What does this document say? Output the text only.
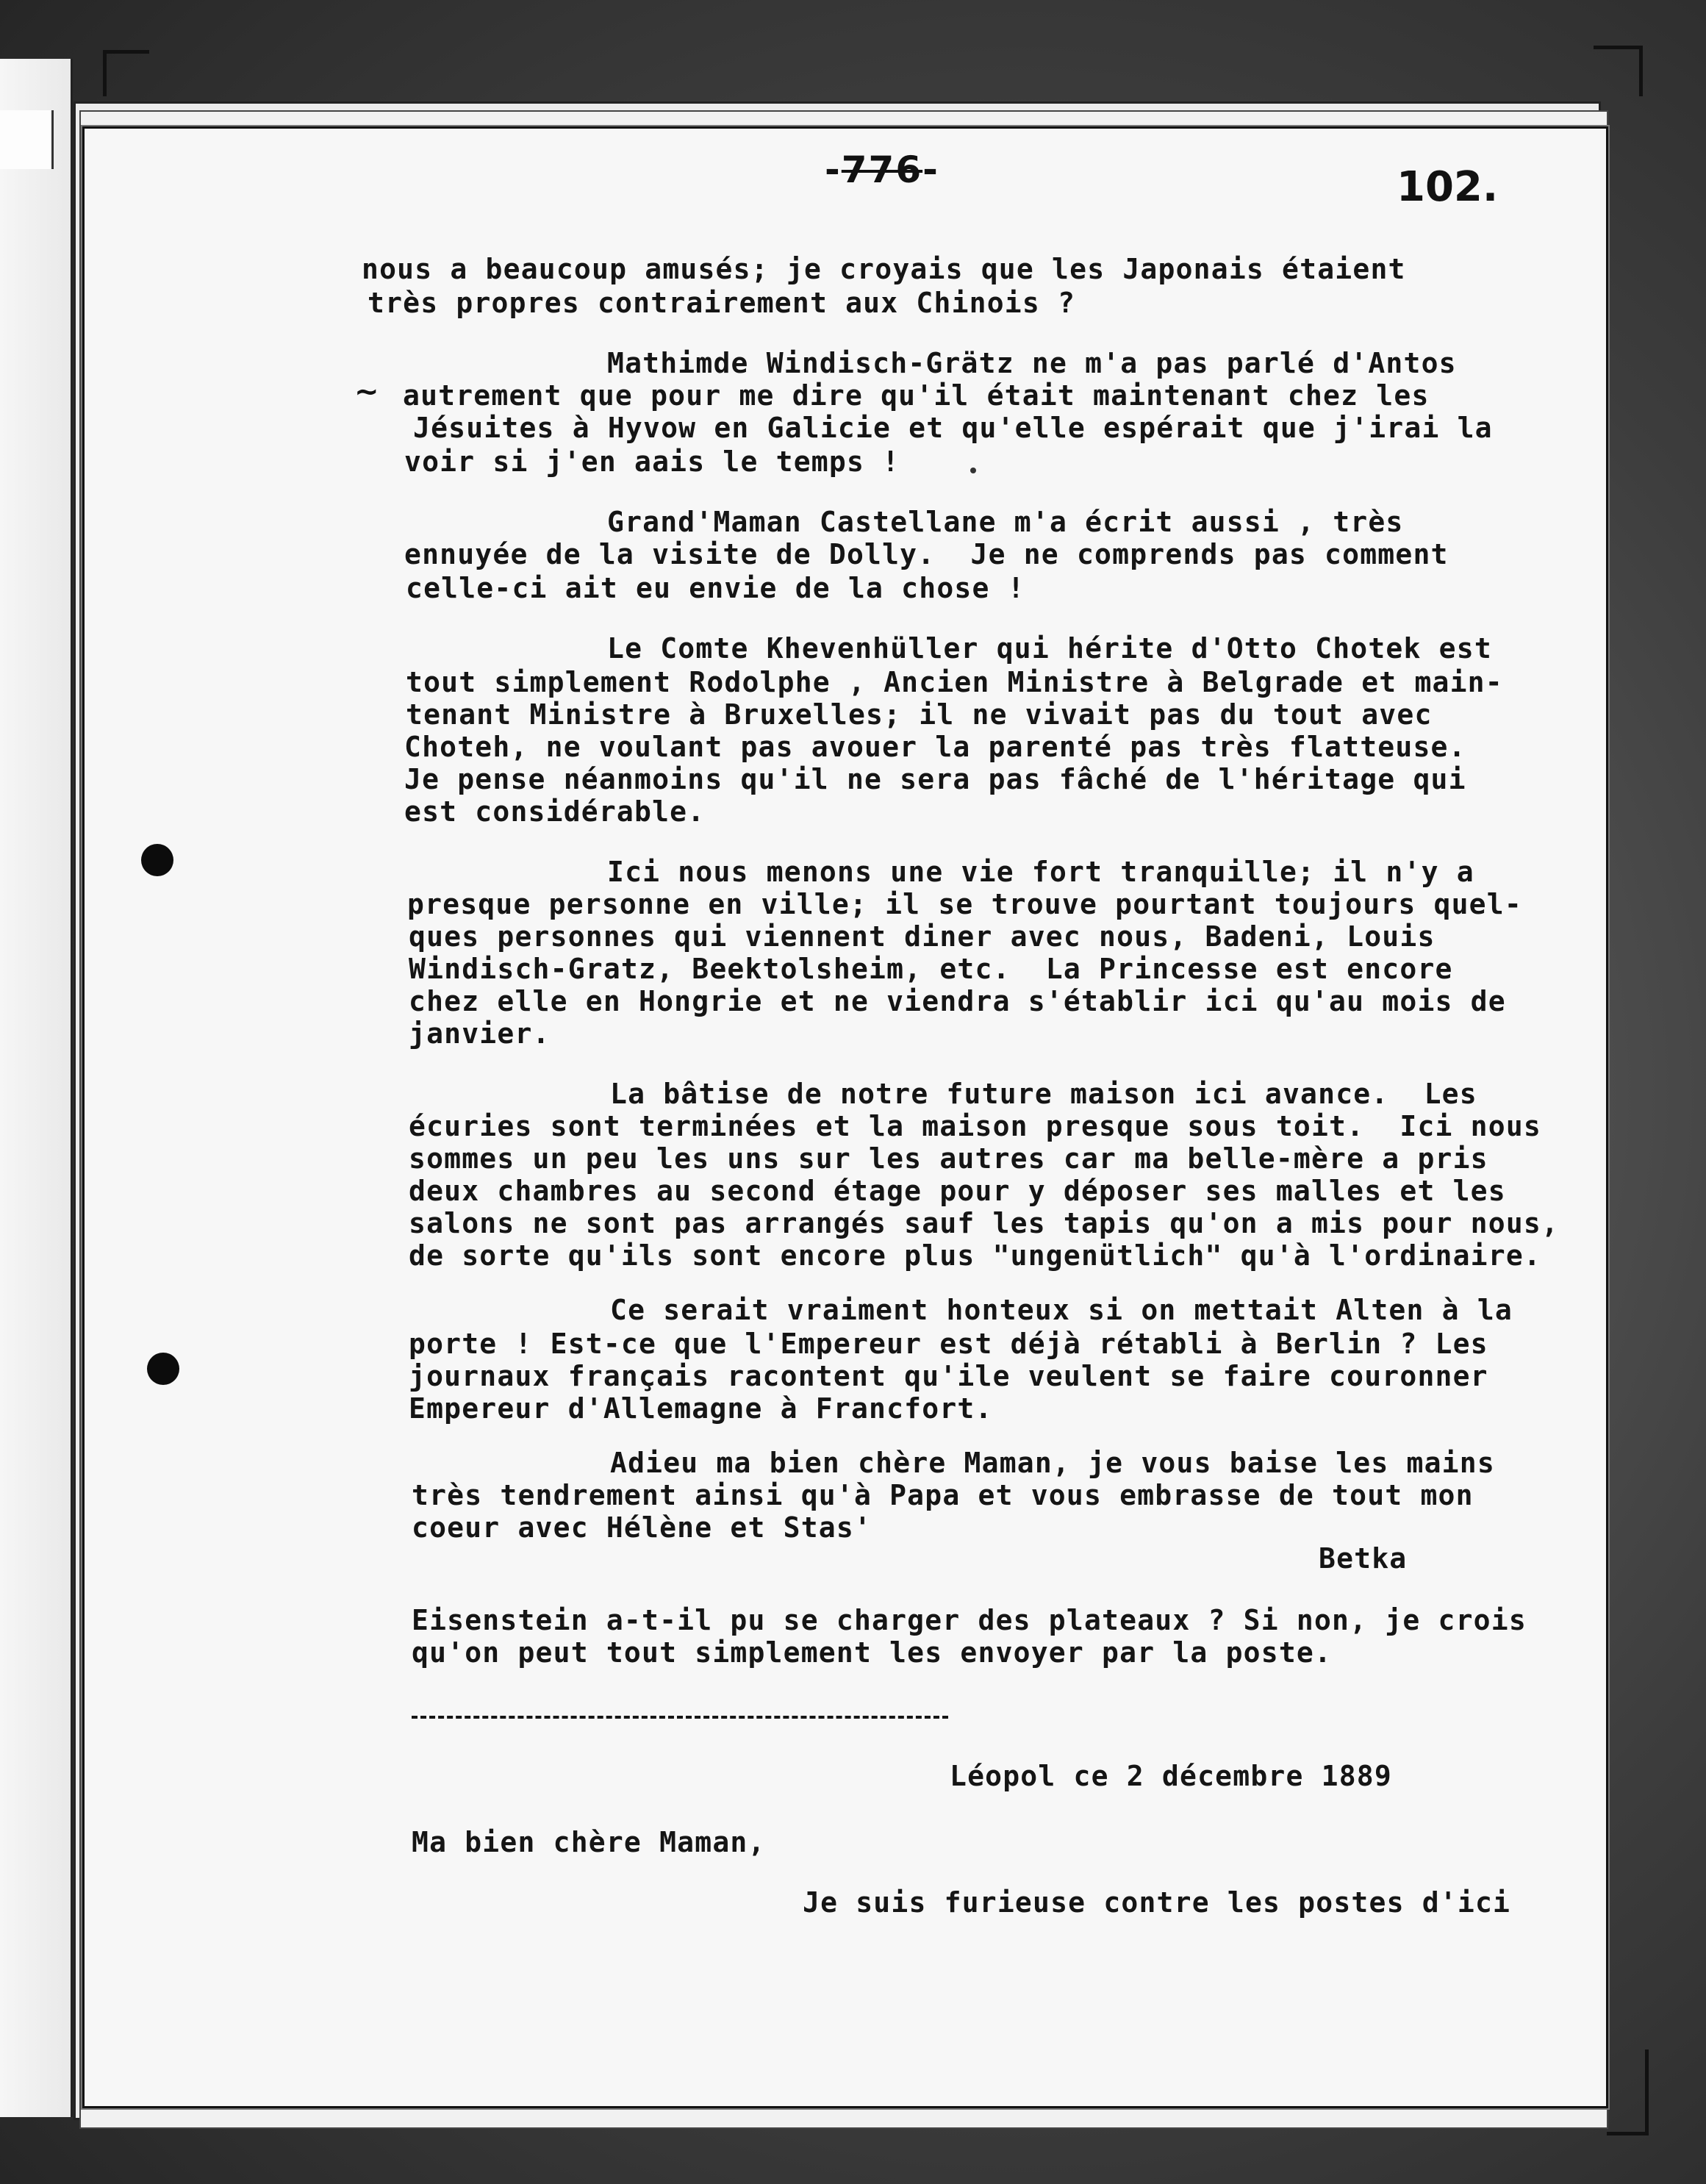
-776-	102.
~
nous a beaucoup amusés; je croyais que les Japonais étaient
très propres contrairement aux Chinois ?
Mathimde Windisch-Grätz ne m'a pas parlé d'Antos
autrement que pour me dire qu'il était maintenant chez les
Jésuites à Hyvow en Galicie et qu'elle espérait que j'irai la
voir si j'en aais le temps !
Grand'Maman Castellane m'a écrit aussi , très
ennuyée de la visite de Dolly.  Je ne comprends pas comment
celle-ci ait eu envie de la chose !
Le Comte Khevenhüller qui hérite d'Otto Chotek est
tout simplement Rodolphe , Ancien Ministre à Belgrade et main-
tenant Ministre à Bruxelles; il ne vivait pas du tout avec
Choteh, ne voulant pas avouer la parenté pas très flatteuse.
Je pense néanmoins qu'il ne sera pas fâché de l'héritage qui
est considérable.
Ici nous menons une vie fort tranquille; il n'y a
presque personne en ville; il se trouve pourtant toujours quel-
ques personnes qui viennent diner avec nous, Badeni, Louis
Windisch-Gratz, Beektolsheim, etc.  La Princesse est encore
chez elle en Hongrie et ne viendra s'établir ici qu'au mois de
janvier.
La bâtise de notre future maison ici avance.  Les
écuries sont terminées et la maison presque sous toit.  Ici nous
sommes un peu les uns sur les autres car ma belle-mère a pris
deux chambres au second étage pour y déposer ses malles et les
salons ne sont pas arrangés sauf les tapis qu'on a mis pour nous,
de sorte qu'ils sont encore plus "ungenütlich" qu'à l'ordinaire.
Ce serait vraiment honteux si on mettait Alten à la
porte ! Est-ce que l'Empereur est déjà rétabli à Berlin ? Les
journaux français racontent qu'ile veulent se faire couronner
Empereur d'Allemagne à Francfort.
Adieu ma bien chère Maman, je vous baise les mains
très tendrement ainsi qu'à Papa et vous embrasse de tout mon
coeur avec Hélène et Stas'
Betka
Eisenstein a-t-il pu se charger des plateaux ? Si non, je crois
qu'on peut tout simplement les envoyer par la poste.
Léopol ce 2 décembre 1889
Ma bien chère Maman,
Je suis furieuse contre les postes d'ici
